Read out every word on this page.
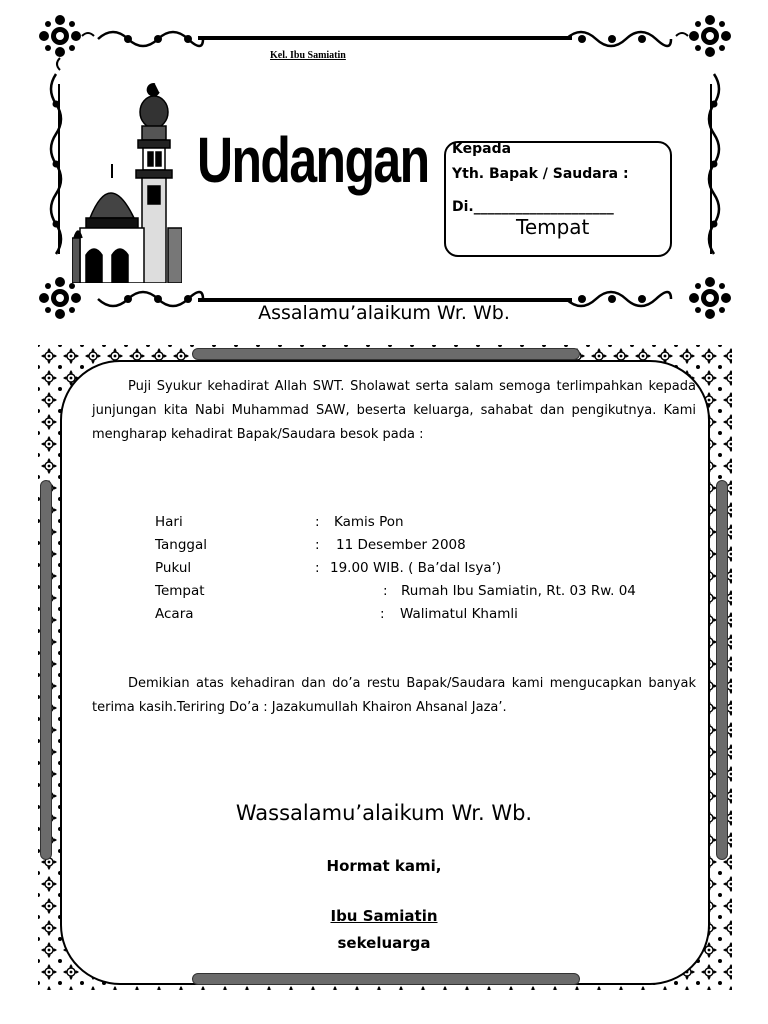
Kel. Ibu Samiatin
Undangan Kepada
Yth. Bapak / Saudara :
Di.____________________
Tempat
Assalamu’alaikum Wr. Wb.
Puji Syukur kehadirat Allah SWT. Sholawat serta salam semoga terlimpahkan kepada junjungan kita Nabi Muhammad SAW, beserta keluarga, sahabat dan pengikutnya. Kami mengharap kehadirat Bapak/Saudara besok pada :
Hari	: Kamis Pon
Tanggal	: 11 Desember 2008
Pukul	: 19.00 WIB. ( Ba’dal Isya’)
Tempat	: Rumah Ibu Samiatin, Rt. 03 Rw. 04
Acara	: Walimatul Khamli
Demikian atas kehadiran dan do’a restu Bapak/Saudara kami mengucapkan banyak terima kasih.Teriring Do’a : Jazakumullah Khairon Ahsanal Jaza’.
Wassalamu’alaikum Wr. Wb.
Hormat kami,
Ibu Samiatin
sekeluarga
